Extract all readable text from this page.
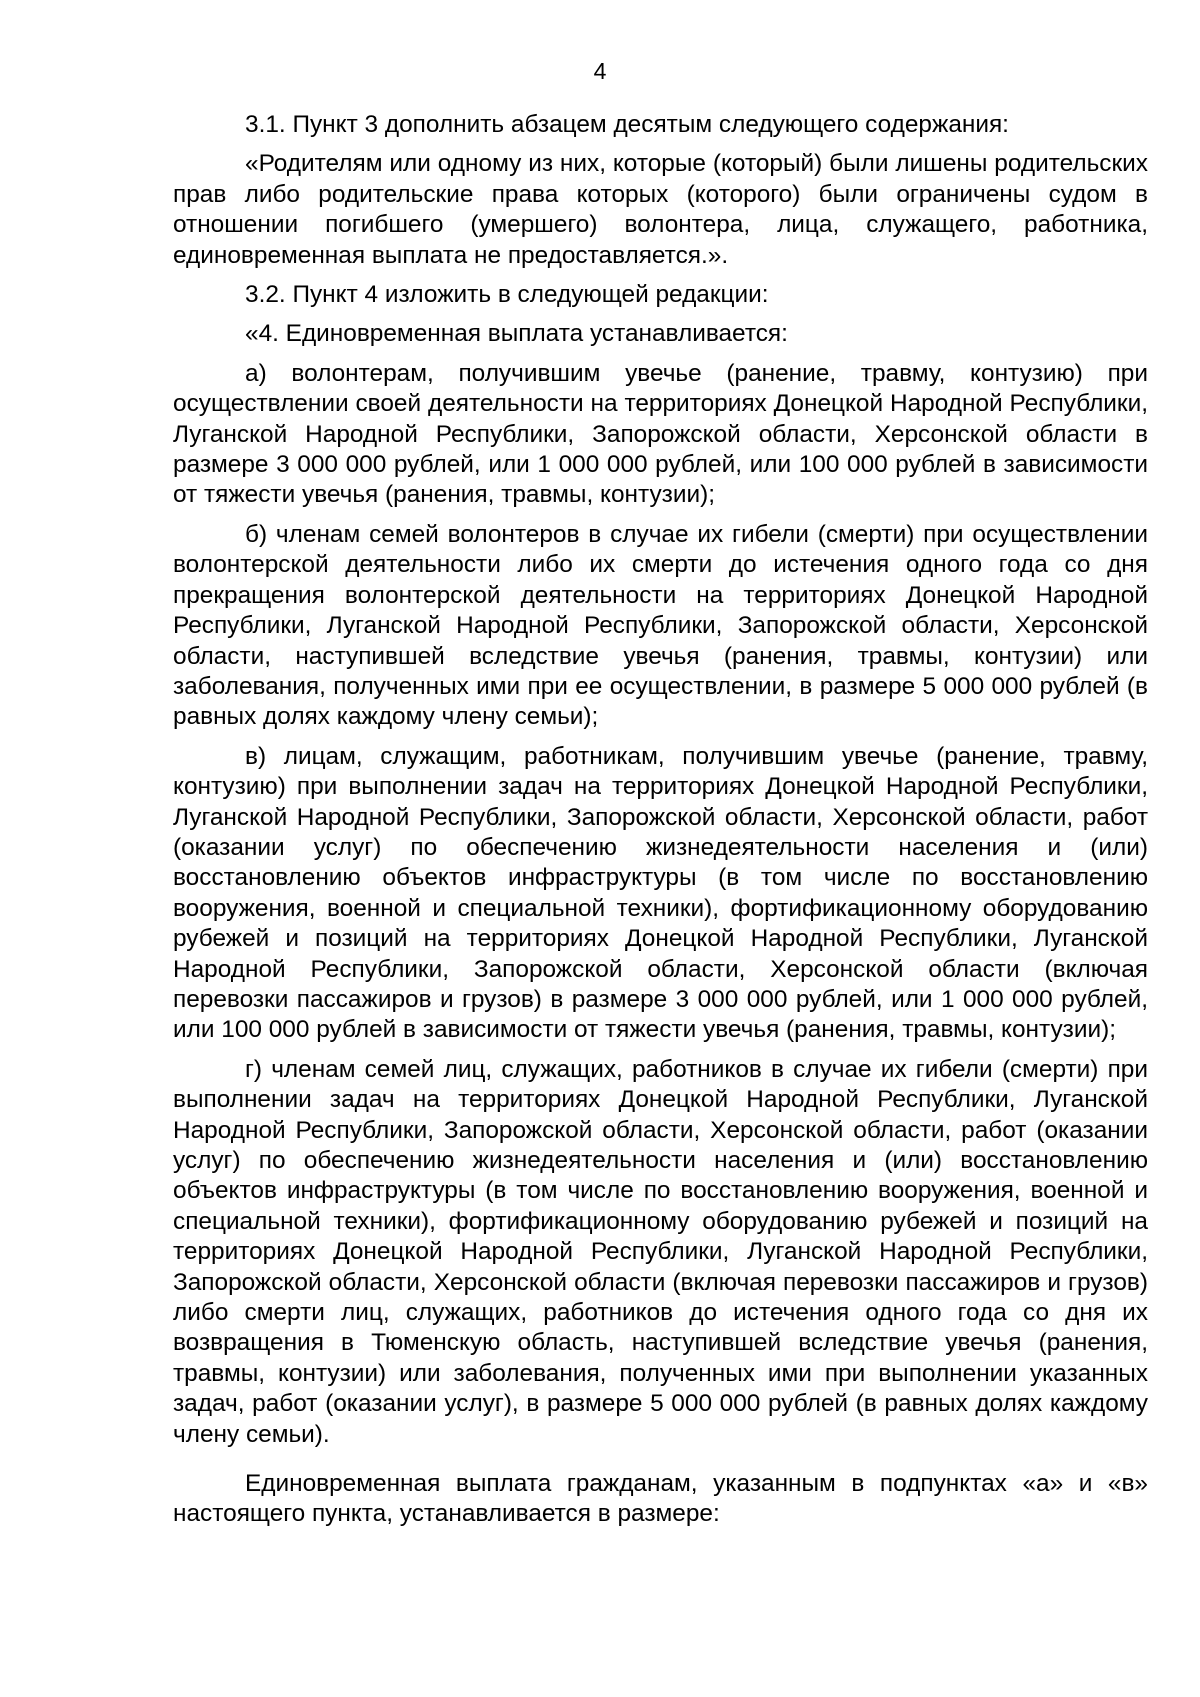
4

3.1. Пункт 3 дополнить абзацем десятым следующего содержания:

«Родителям или одному из них, которые (который) были лишены родительских прав либо родительские права которых (которого) были ограничены судом в отношении погибшего (умершего) волонтера, лица, служащего, работника, единовременная выплата не предоставляется.».

3.2. Пункт 4 изложить в следующей редакции:

«4. Единовременная выплата устанавливается:

а) волонтерам, получившим увечье (ранение, травму, контузию) при осуществлении своей деятельности на территориях Донецкой Народной Республики, Луганской Народной Республики, Запорожской области, Херсонской области в размере 3 000 000 рублей, или 1 000 000 рублей, или 100 000 рублей в зависимости от тяжести увечья (ранения, травмы, контузии);

б) членам семей волонтеров в случае их гибели (смерти) при осуществлении волонтерской деятельности либо их смерти до истечения одного года со дня прекращения волонтерской деятельности на территориях Донецкой Народной Республики, Луганской Народной Республики, Запорожской области, Херсонской области, наступившей вследствие увечья (ранения, травмы, контузии) или заболевания, полученных ими при ее осуществлении, в размере 5 000 000 рублей (в равных долях каждому члену семьи);

в) лицам, служащим, работникам, получившим увечье (ранение, травму, контузию) при выполнении задач на территориях Донецкой Народной Республики, Луганской Народной Республики, Запорожской области, Херсонской области, работ (оказании услуг) по обеспечению жизнедеятельности населения и (или) восстановлению объектов инфраструктуры (в том числе по восстановлению вооружения, военной и специальной техники), фортификационному оборудованию рубежей и позиций на территориях Донецкой Народной Республики, Луганской Народной Республики, Запорожской области, Херсонской области (включая перевозки пассажиров и грузов) в размере 3 000 000 рублей, или 1 000 000 рублей, или 100 000 рублей в зависимости от тяжести увечья (ранения, травмы, контузии);

г) членам семей лиц, служащих, работников в случае их гибели (смерти) при выполнении задач на территориях Донецкой Народной Республики, Луганской Народной Республики, Запорожской области, Херсонской области, работ (оказании услуг) по обеспечению жизнедеятельности населения и (или) восстановлению объектов инфраструктуры (в том числе по восстановлению вооружения, военной и специальной техники), фортификационному оборудованию рубежей и позиций на территориях Донецкой Народной Республики, Луганской Народной Республики, Запорожской области, Херсонской области (включая перевозки пассажиров и грузов) либо смерти лиц, служащих, работников до истечения одного года со дня их возвращения в Тюменскую область, наступившей вследствие увечья (ранения, травмы, контузии) или заболевания, полученных ими при выполнении указанных задач, работ (оказании услуг), в размере 5 000 000 рублей (в равных долях каждому члену семьи).

Единовременная выплата гражданам, указанным в подпунктах «а» и «в» настоящего пункта, устанавливается в размере:
